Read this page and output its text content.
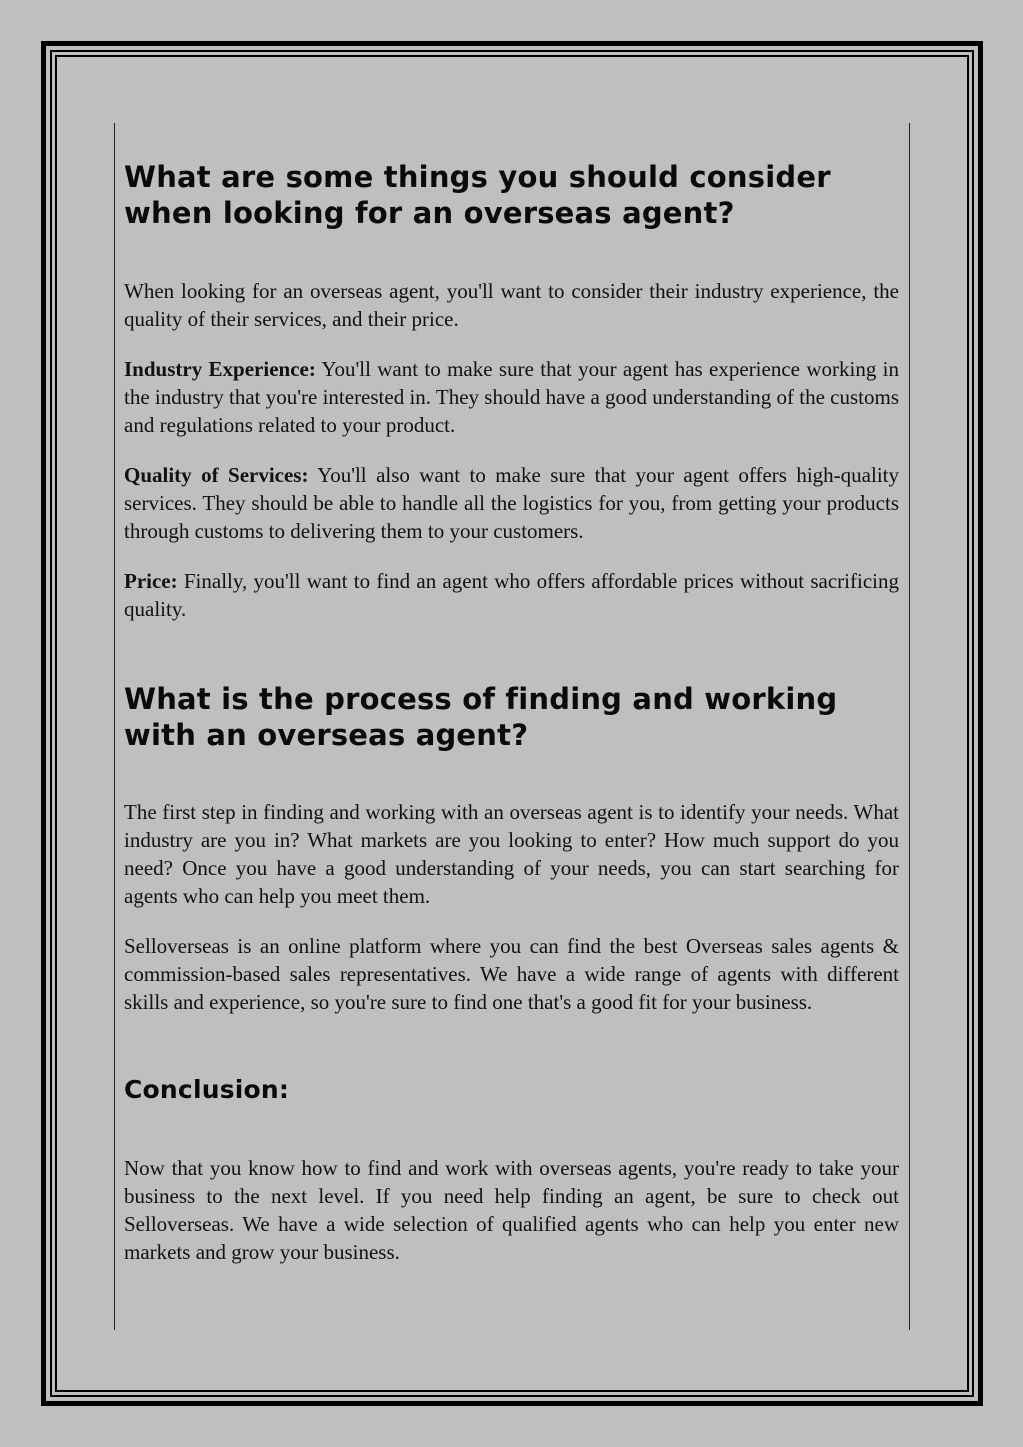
What are some things you should consider when looking for an overseas agent?

When looking for an overseas agent, you'll want to consider their industry experience, the quality of their services, and their price.

Industry Experience: You'll want to make sure that your agent has experience working in the industry that you're interested in. They should have a good understanding of the customs and regulations related to your product.

Quality of Services: You'll also want to make sure that your agent offers high-quality services. They should be able to handle all the logistics for you, from getting your products through customs to delivering them to your customers.

Price: Finally, you'll want to find an agent who offers affordable prices without sacrificing quality.

What is the process of finding and working with an overseas agent?

The first step in finding and working with an overseas agent is to identify your needs. What industry are you in? What markets are you looking to enter? How much support do you need? Once you have a good understanding of your needs, you can start searching for agents who can help you meet them.

Selloverseas is an online platform where you can find the best Overseas sales agents & commission-based sales representatives. We have a wide range of agents with different skills and experience, so you're sure to find one that's a good fit for your business.

Conclusion:

Now that you know how to find and work with overseas agents, you're ready to take your business to the next level. If you need help finding an agent, be sure to check out Selloverseas. We have a wide selection of qualified agents who can help you enter new markets and grow your business.
